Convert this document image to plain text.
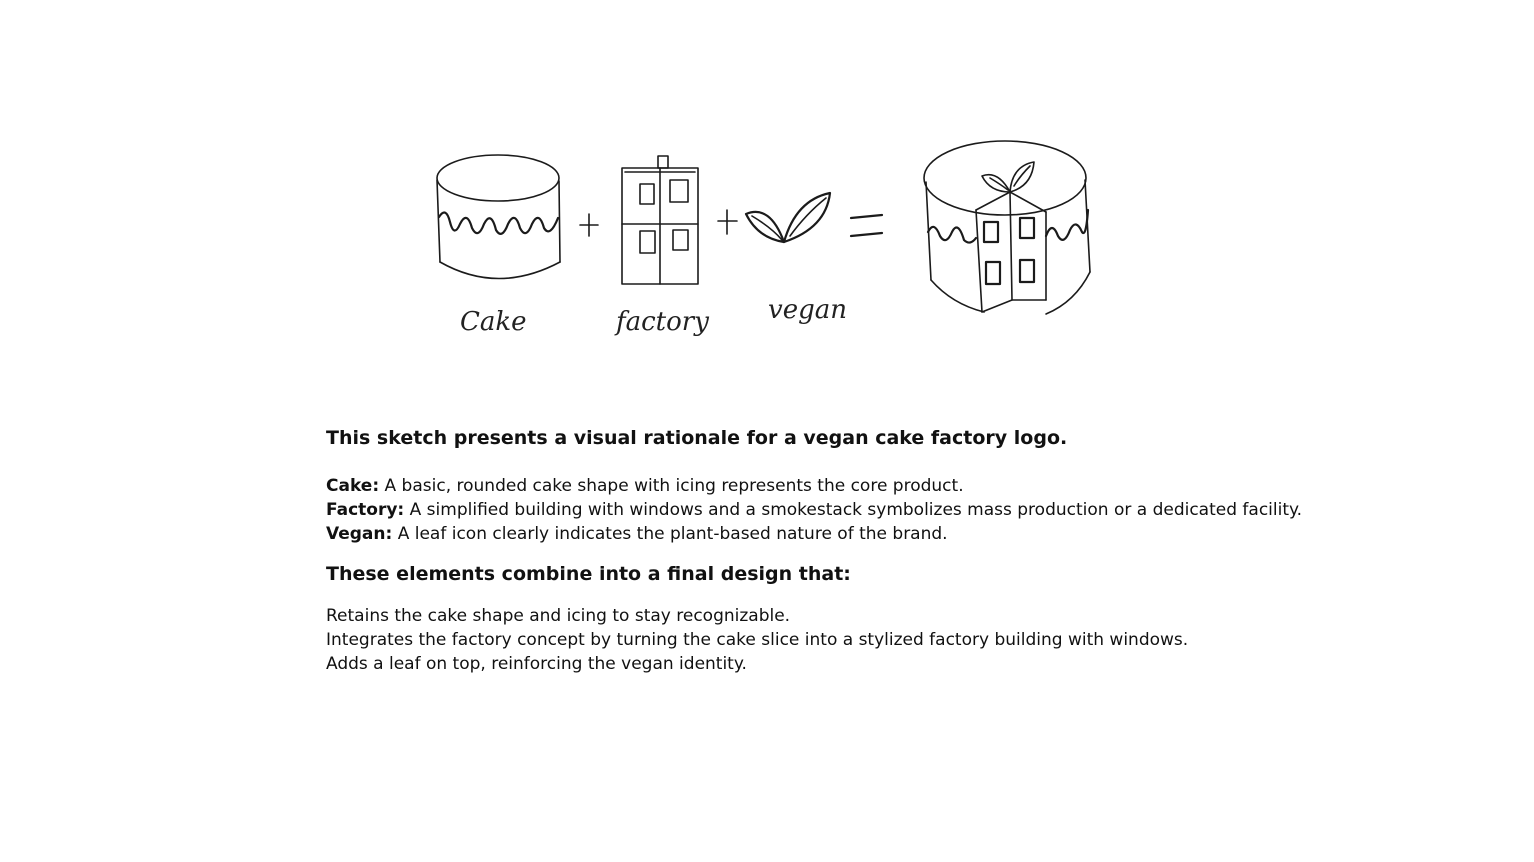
Cake	factory vegan

This sketch presents a visual rationale for a vegan cake factory logo.

Cake: A basic, rounded cake shape with icing represents the core product.

Factory: A simplified building with windows and a smokestack symbolizes mass production or a dedicated facility.

Vegan: A leaf icon clearly indicates the plant-based nature of the brand.

These elements combine into a final design that:

Retains the cake shape and icing to stay recognizable.

Integrates the factory concept by turning the cake slice into a stylized factory building with windows.

Adds a leaf on top, reinforcing the vegan identity.
